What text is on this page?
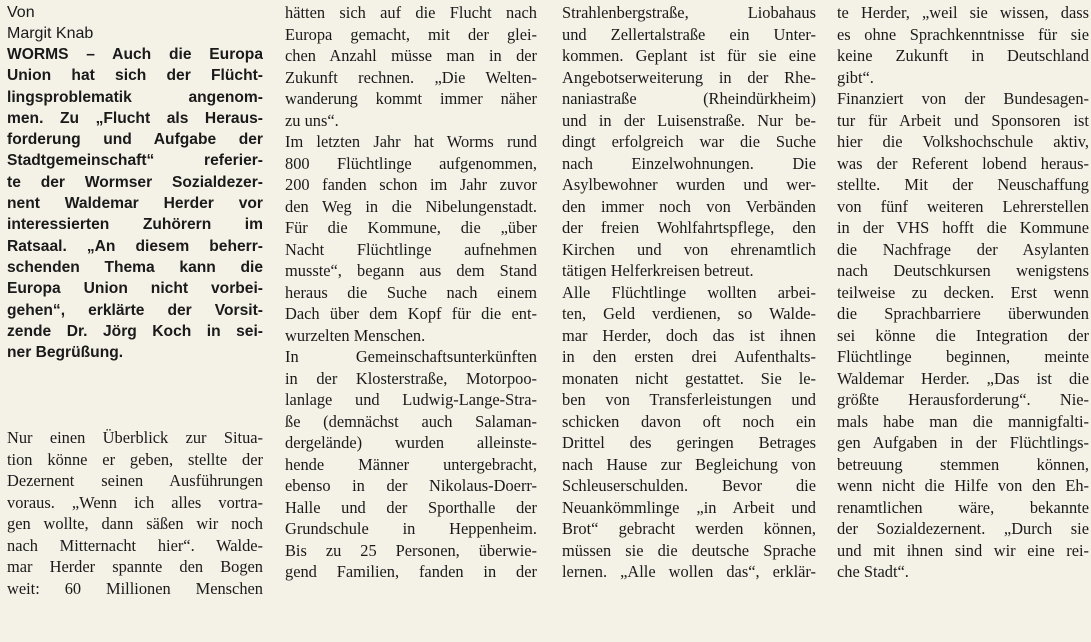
Von
Margit Knab
WORMS – Auch die Europa
Union hat sich der Flücht-
lingsproblematik angenom-
men. Zu „Flucht als Heraus-
forderung und Aufgabe der
Stadtgemeinschaft“ referier-
te der Wormser Sozialdezer-
nent Waldemar Herder vor
interessierten Zuhörern im
Ratsaal. „An diesem beherr-
schenden Thema kann die
Europa Union nicht vorbei-
gehen“, erklärte der Vorsit-
zende Dr. Jörg Koch in sei-
ner Begrüßung.
Nur einen Überblick zur Situa-
tion könne er geben, stellte der
Dezernent seinen Ausführungen
voraus. „Wenn ich alles vortra-
gen wollte, dann säßen wir noch
nach Mitternacht hier“. Walde-
mar Herder spannte den Bogen
weit: 60 Millionen Menschen
hätten sich auf die Flucht nach
Europa gemacht, mit der glei-
chen Anzahl müsse man in der
Zukunft rechnen. „Die Welten-
wanderung kommt immer näher
zu uns“.
Im letzten Jahr hat Worms rund
800 Flüchtlinge aufgenommen,
200 fanden schon im Jahr zuvor
den Weg in die Nibelungenstadt.
Für die Kommune, die „über
Nacht Flüchtlinge aufnehmen
musste“, begann aus dem Stand
heraus die Suche nach einem
Dach über dem Kopf für die ent-
wurzelten Menschen.
In Gemeinschaftsunterkünften
in der Klosterstraße, Motorpoo-
lanlage und Ludwig-Lange-Stra-
ße (demnächst auch Salaman-
dergelände) wurden alleinste-
hende Männer untergebracht,
ebenso in der Nikolaus-Doerr-
Halle und der Sporthalle der
Grundschule in Heppenheim.
Bis zu 25 Personen, überwie-
gend Familien, fanden in der
Strahlenbergstraße, Liobahaus
und Zellertalstraße ein Unter-
kommen. Geplant ist für sie eine
Angebotserweiterung in der Rhe-
naniastraße (Rheindürkheim)
und in der Luisenstraße. Nur be-
dingt erfolgreich war die Suche
nach Einzelwohnungen. Die
Asylbewohner wurden und wer-
den immer noch von Verbänden
der freien Wohlfahrtspflege, den
Kirchen und von ehrenamtlich
tätigen Helferkreisen betreut.
Alle Flüchtlinge wollten arbei-
ten, Geld verdienen, so Walde-
mar Herder, doch das ist ihnen
in den ersten drei Aufenthalts-
monaten nicht gestattet. Sie le-
ben von Transferleistungen und
schicken davon oft noch ein
Drittel des geringen Betrages
nach Hause zur Begleichung von
Schleuserschulden. Bevor die
Neuankömmlinge „in Arbeit und
Brot“ gebracht werden können,
müssen sie die deutsche Sprache
lernen. „Alle wollen das“, erklär-
te Herder, „weil sie wissen, dass
es ohne Sprachkenntnisse für sie
keine Zukunft in Deutschland
gibt“.
Finanziert von der Bundesagen-
tur für Arbeit und Sponsoren ist
hier die Volkshochschule aktiv,
was der Referent lobend heraus-
stellte. Mit der Neuschaffung
von fünf weiteren Lehrerstellen
in der VHS hofft die Kommune
die Nachfrage der Asylanten
nach Deutschkursen wenigstens
teilweise zu decken. Erst wenn
die Sprachbarriere überwunden
sei könne die Integration der
Flüchtlinge beginnen, meinte
Waldemar Herder. „Das ist die
größte Herausforderung“. Nie-
mals habe man die mannigfalti-
gen Aufgaben in der Flüchtlings-
betreuung stemmen können,
wenn nicht die Hilfe von den Eh-
renamtlichen wäre, bekannte
der Sozialdezernent. „Durch sie
und mit ihnen sind wir eine rei-
che Stadt“.
